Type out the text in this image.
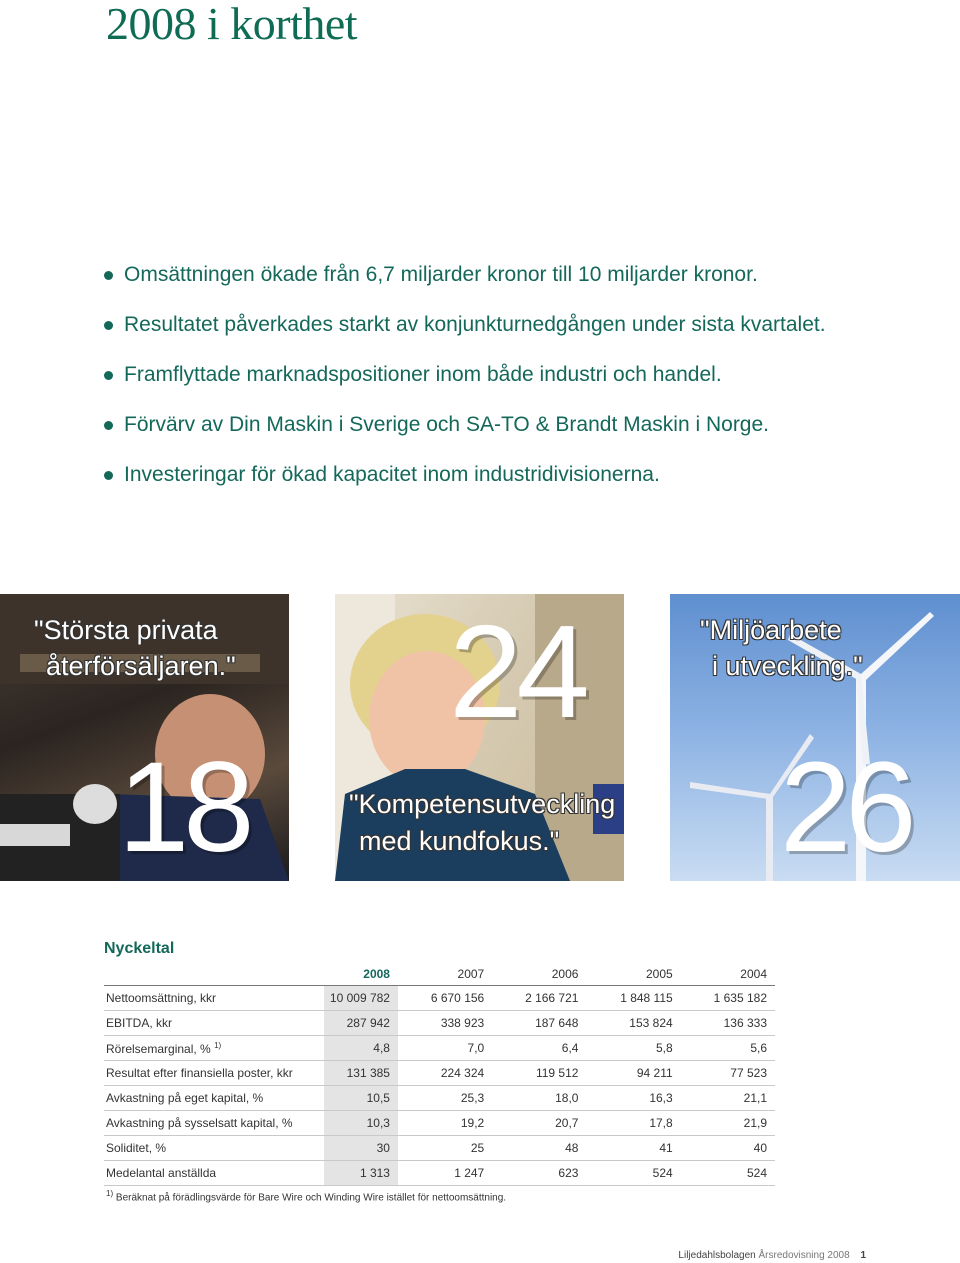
2008 i korthet
Omsättningen ökade från 6,7 miljarder kronor till 10 miljarder kronor.
Resultatet påverkades starkt av konjunkturnedgången under sista kvartalet.
Framflyttade marknadspositioner inom både industri och handel.
Förvärv av Din Maskin i Sverige och SA-TO & Brandt Maskin i Norge.
Investeringar för ökad kapacitet inom industridivisionerna.
"Största privata
återförsäljaren."
18
24
"Kompetensutveckling
med kundfokus."
"Miljöarbete
i utveckling."
26
Nyckeltal
	2008	2007	2006	2005	2004
Nettoomsättning, kkr	10 009 782	6 670 156	2 166 721	1 848 115	1 635 182
EBITDA, kkr	287 942	338 923	187 648	153 824	136 333
Rörelsemarginal, % $^{1)}$	4,8	7,0	6,4	5,8	5,6
Resultat efter finansiella poster, kkr	131 385	224 324	119 512	94 211	77 523
Avkastning på eget kapital, %	10,5	25,3	18,0	16,3	21,1
Avkastning på sysselsatt kapital, %	10,3	19,2	20,7	17,8	21,9
Soliditet, %	30	25	48	41	40
Medelantal anställda	1 313	1 247	623	524	524
$^{1)}$ Beräknat på förädlingsvärde för Bare Wire och Winding Wire istället för nettoomsättning.
Liljedahlsbolagen Årsredovisning 2008 1
